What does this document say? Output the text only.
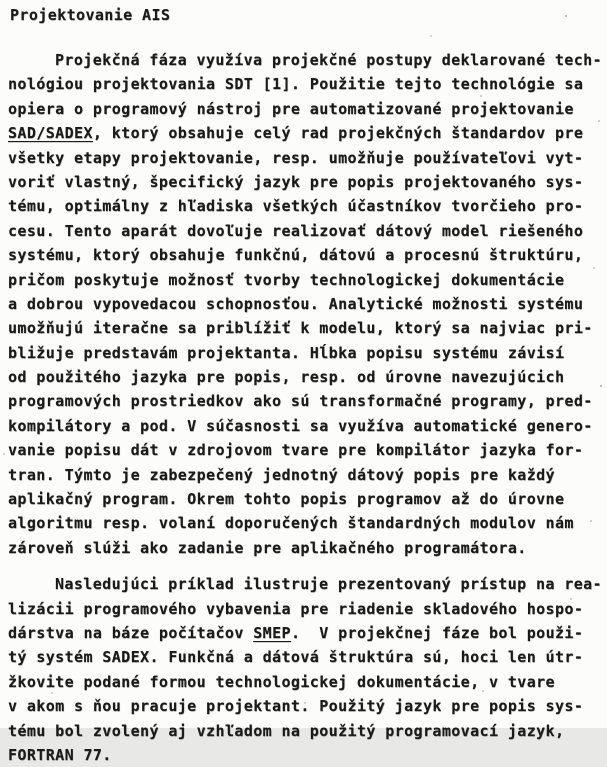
Projektovanie AIS
Projekčná fáza využíva projekčné postupy deklarované tech-
nológiou projektovania SDT [1]. Použitie tejto technológie sa
opiera o programový nástroj pre automatizované projektovanie
SAD/SADEX, ktorý obsahuje celý rad projekčných štandardov pre
všetky etapy projektovanie, resp. umožňuje používateľovi vyt-
voriť vlastný, špecifický jazyk pre popis projektovaného sys-
tému, optimálny z hľadiska všetkých účastníkov tvorčieho pro-
cesu. Tento aparát dovoľuje realizovať dátový model riešeného
systému, ktorý obsahuje funkčnú, dátovú a procesnú štruktúru,
pričom poskytuje možnosť tvorby technologickej dokumentácie
a dobrou vypovedacou schopnosťou. Analytické možnosti systému
umožňujú iteračne sa priblížiť k modelu, ktorý sa najviac pri-
bližuje predstavám projektanta. Hĺbka popisu systému závisí
od použitého jazyka pre popis, resp. od úrovne navezujúcich
programových prostriedkov ako sú transformačné programy, pred-
kompilátory a pod. V súčasnosti sa využíva automatické genero-
vanie popisu dát v zdrojovom tvare pre kompilátor jazyka for-
tran. Týmto je zabezpečený jednotný dátový popis pre každý
aplikačný program. Okrem tohto popis programov až do úrovne
algoritmu resp. volaní doporučených štandardných modulov nám
zároveň slúži ako zadanie pre aplikačného programátora.
Nasledujúci príklad ilustruje prezentovaný prístup na rea-
lizácii programového vybavenia pre riadenie skladového hospo-
dárstva na báze počítačov SMEP.  V projekčnej fáze bol použi-
tý systém SADEX. Funkčná a dátová štruktúra sú, hoci len útr-
žkovite podané formou technologickej dokumentácie, v tvare
v akom s ňou pracuje projektant. Použitý jazyk pre popis sys-
tému bol zvolený aj vzhľadom na použitý programovací jazyk,
FORTRAN 77.
